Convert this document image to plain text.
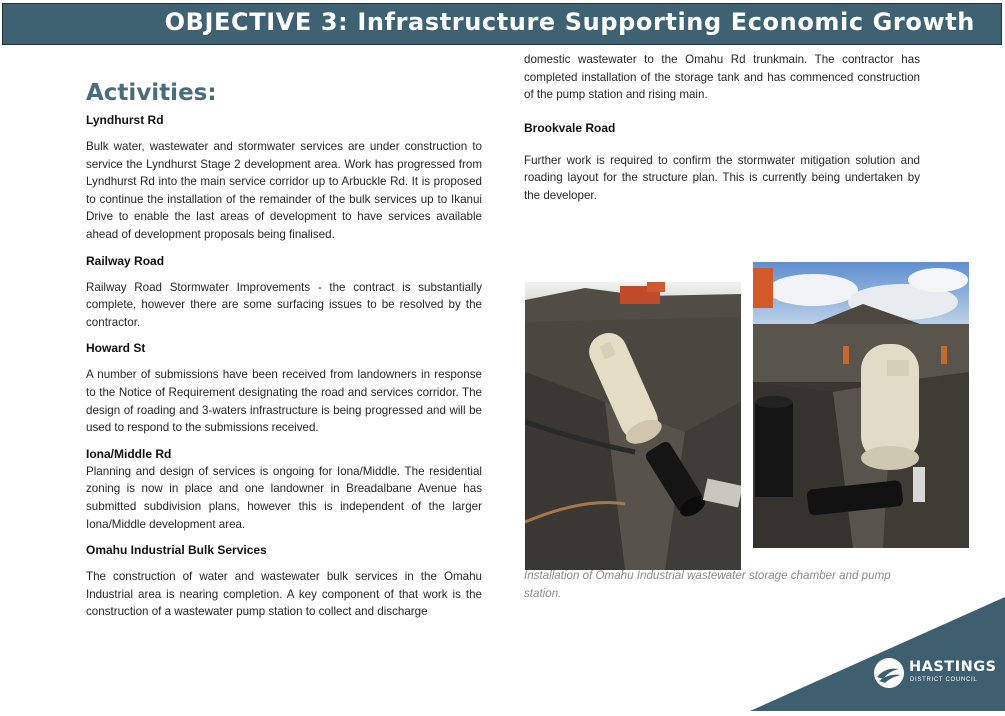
OBJECTIVE 3: Infrastructure Supporting Economic Growth
Activities:
Lyndhurst Rd

Bulk water, wastewater and stormwater services are under construction to service the Lyndhurst Stage 2 development area. Work has progressed from Lyndhurst Rd into the main service corridor up to Arbuckle Rd. It is proposed to continue the installation of the remainder of the bulk services up to Ikanui Drive to enable the last areas of development to have services available ahead of development proposals being finalised.

Railway Road

Railway Road Stormwater Improvements - the contract is substantially complete, however there are some surfacing issues to be resolved by the contractor.

Howard St

A number of submissions have been received from landowners in response to the Notice of Requirement designating the road and services corridor. The design of roading and 3-waters infrastructure is being progressed and will be used to respond to the submissions received.

Iona/Middle Rd

Planning and design of services is ongoing for Iona/Middle. The residential zoning is now in place and one landowner in Breadalbane Avenue has submitted subdivision plans, however this is independent of the larger Iona/Middle development area.

Omahu Industrial Bulk Services

The construction of water and wastewater bulk services in the Omahu Industrial area is nearing completion. A key component of that work is the construction of a wastewater pump station to collect and discharge

domestic wastewater to the Omahu Rd trunkmain. The contractor has completed installation of the storage tank and has commenced construction of the pump station and rising main.

Brookvale Road

Further work is required to confirm the stormwater mitigation solution and roading layout for the structure plan. This is currently being undertaken by the developer.

Installation of Omahu Industrial wastewater storage chamber and pump station.
HASTINGS
DISTRICT COUNCIL
